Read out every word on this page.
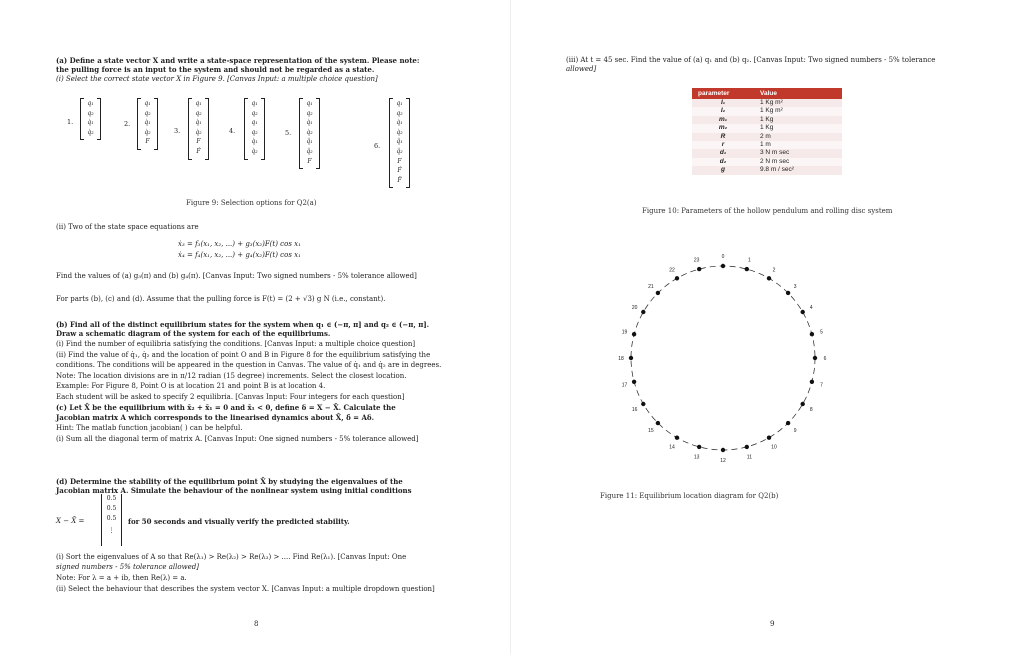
(a) Define a state vector X and write a state-space representation of the system. Please note:
the pulling force is an input to the system and should not be regarded as a state.
(i) Select the correct state vector X in Figure 9. [Canvas Input: a multiple choice question]
1.
q₁
q₂
q̇₁
q̇₂
2.
q₁
q₂
q̇₁
q̇₂
F
3.
q₁
q₂
q̇₁
q̇₂
F
Ḟ
4.
q₁
q₂
q₁
q₂
q̇₁
q̇₂
5.
q₁
q₂
q̇₁
q̇₂
q̈₁
q̈₂
F
6.
q₁
q₂
q̇₁
q̇₂
q̈₁
q̈₂
F
Ḟ
F̈
Figure 9: Selection options for Q2(a)
(ii) Two of the state space equations are
ẋ₃ = f₃(x₁, x₂, ...) + g₃(x₂)F(t) cos x₁
ẋ₄ = f₄(x₁, x₂, ...) + g₄(x₂)F(t) cos x₁
Find the values of (a) g₃(π) and (b) g₄(π). [Canvas Input: Two signed numbers - 5% tolerance allowed]
For parts (b), (c) and (d). Assume that the pulling force is F(t) = (2 + √3) g N (i.e., constant).
(b) Find all of the distinct equilibrium states for the system when q₁ ∈ (−π, π] and q₂ ∈ (−π, π].
Draw a schematic diagram of the system for each of the equilibriums.
(i) Find the number of equilibria satisfying the conditions. [Canvas Input: a multiple choice question]
(ii) Find the value of q̇₁, q̇₂ and the location of point O and B in Figure 8 for the equilibrium satisfying the
conditions. The conditions will be appeared in the question in Canvas. The value of q̇₁ and q̇₂ are in degrees.
Note: The location divisions are in π/12 radian (15 degree) increments. Select the closest location.
Example: For Figure 8, Point O is at location 21 and point B is at location 4.
Each student will be asked to specify 2 equilibria. [Canvas Input: Four integers for each question]
(c) Let X̄ be the equilibrium with x̄₂ + x̄₁ = 0 and x̄₁ < 0, define δ = X − X̄. Calculate the
Jacobian matrix A which corresponds to the linearised dynamics about X̄, δ̇ = Aδ.
Hint: The matlab function jacobian( ) can be helpful.
(i) Sum all the diagonal term of matrix A. [Canvas Input: One signed numbers - 5% tolerance allowed]
(d) Determine the stability of the equilibrium point X̄ by studying the eigenvalues of the
Jacobian matrix A. Simulate the behaviour of the nonlinear system using initial conditions
X − X̄ =
0.5
0.5
0.5
⋮
for 50 seconds and visually verify the predicted stability.
(i) Sort the eigenvalues of A so that Re(λ₁) > Re(λ₂) > Re(λ₃) > .... Find Re(λ₁). [Canvas Input: One
signed numbers - 5% tolerance allowed]
Note: For λ = a + ib, then Re(λ) = a.
(ii) Select the behaviour that describes the system vector X. [Canvas Input: a multiple dropdown question]
8
(iii) At t = 45 sec. Find the value of (a) q₁ and (b) q₂. [Canvas Input: Two signed numbers - 5% tolerance
allowed]
Figure 10: Parameters of the hollow pendulum and rolling disc system
0
1
2
3
4
5
6
7
8
9
10
11
12
13
14
15
16
17
18
19
20
21
22
23
Figure 11: Equilibrium location diagram for Q2(b)
9
parameter	Value
I₁	1 Kg m²
I₂	1 Kg m²
m₁	1 Kg
m₂	1 Kg
R	2 m
r	1 m
d₁	3 N m sec
d₂	2 N m sec
g	9.8 m / sec²
